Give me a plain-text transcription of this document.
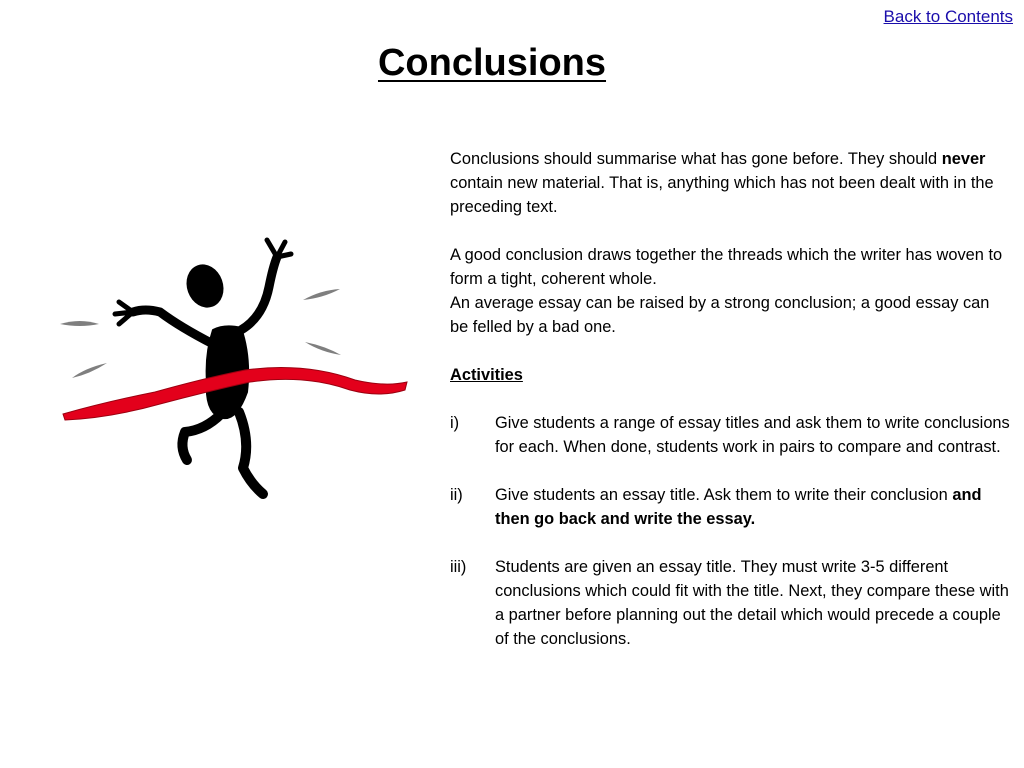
Back to Contents
Conclusions

Conclusions should summarise what has gone before. They should never contain new material. That is, anything which has not been dealt with in the preceding text.

A good conclusion draws together the threads which the writer has woven to form a tight, coherent whole.

An average essay can be raised by a strong conclusion; a good essay can be felled by a bad one.

Activities

i)	Give students a range of essay titles and ask them to write conclusions for each. When done, students work in pairs to compare and contrast.
ii)	Give students an essay title. Ask them to write their conclusion and then go back and write the essay.
iii)	Students are given an essay title. They must write 3-5 different conclusions which could fit with the title. Next, they compare these with a partner before planning out the detail which would precede a couple of the conclusions.
